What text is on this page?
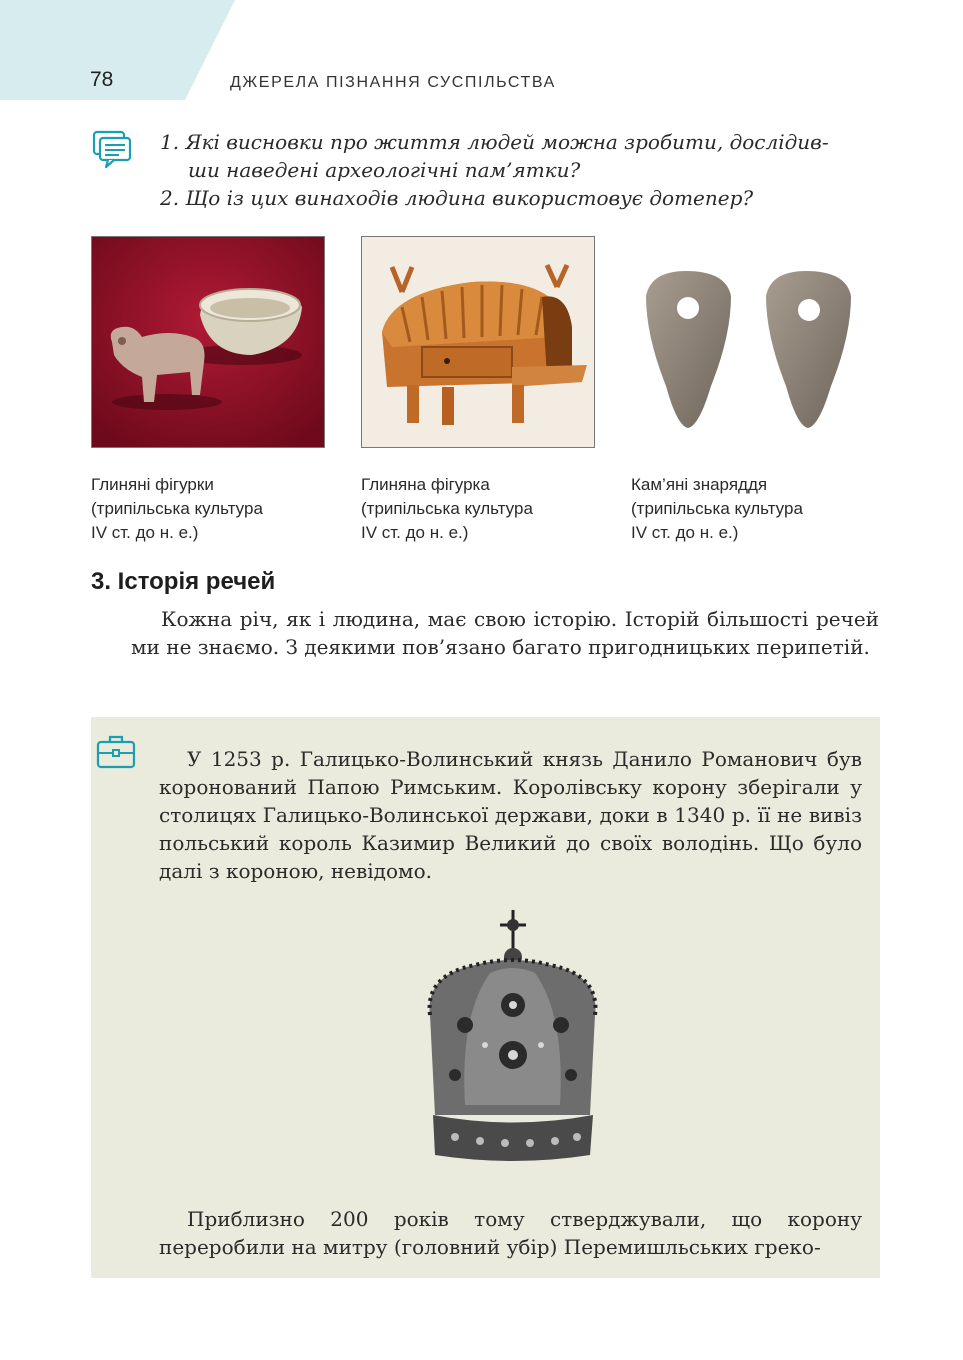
78	ДЖЕРЕЛА ПІЗНАННЯ СУСПІЛЬСТВА
1. Які висновки про життя людей можна зробити, дослідив-
ши наведені археологічні пам’ятки?
2. Що із цих винаходів людина використовує дотепер?
Глиняні фігурки
(трипільська культура
IV ст. до н. е.)
Глиняна фігурка
(трипільська культура
IV ст. до н. е.)
Кам’яні знаряддя
(трипільська культура
IV ст. до н. е.)
3. Історія речей

Кожна річ, як і людина, має свою історію. Історій більшості речей ми не знаємо. З деякими пов’язано багато пригодницьких перипетій.

У 1253 р. Галицько-Волинський князь Данило Романович був коронований Папою Римським. Королівську корону зберігали у столицях Галицько-Волинської держави, доки в 1340 р. її не вивіз польський король Казимир Великий до своїх володінь. Що було далі з короною, невідомо.

Приблизно 200 років тому стверджували, що корону переробили на митру (головний убір) Перемишльських греко-
